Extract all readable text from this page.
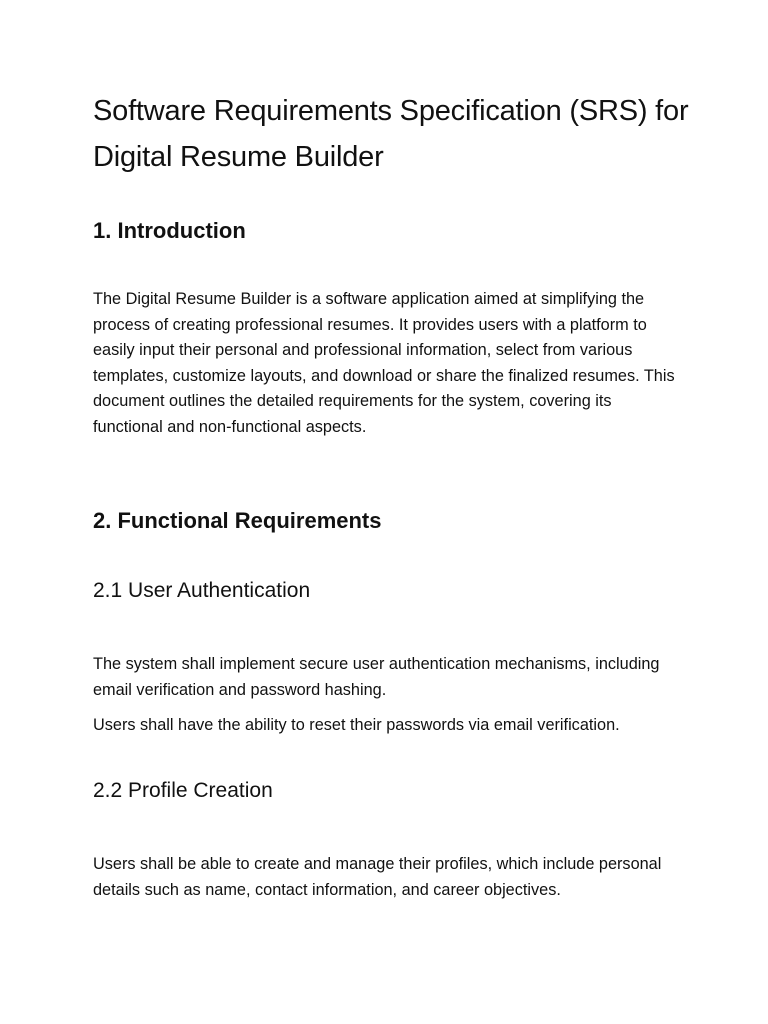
Software Requirements Specification (SRS) for Digital Resume Builder
1. Introduction

The Digital Resume Builder is a software application aimed at simplifying the process of creating professional resumes. It provides users with a platform to easily input their personal and professional information, select from various templates, customize layouts, and download or share the finalized resumes. This document outlines the detailed requirements for the system, covering its functional and non-functional aspects.

2. Functional Requirements
2.1 User Authentication

The system shall implement secure user authentication mechanisms, including email verification and password hashing.

Users shall have the ability to reset their passwords via email verification.

2.2 Profile Creation

Users shall be able to create and manage their profiles, which include personal details such as name, contact information, and career objectives.
